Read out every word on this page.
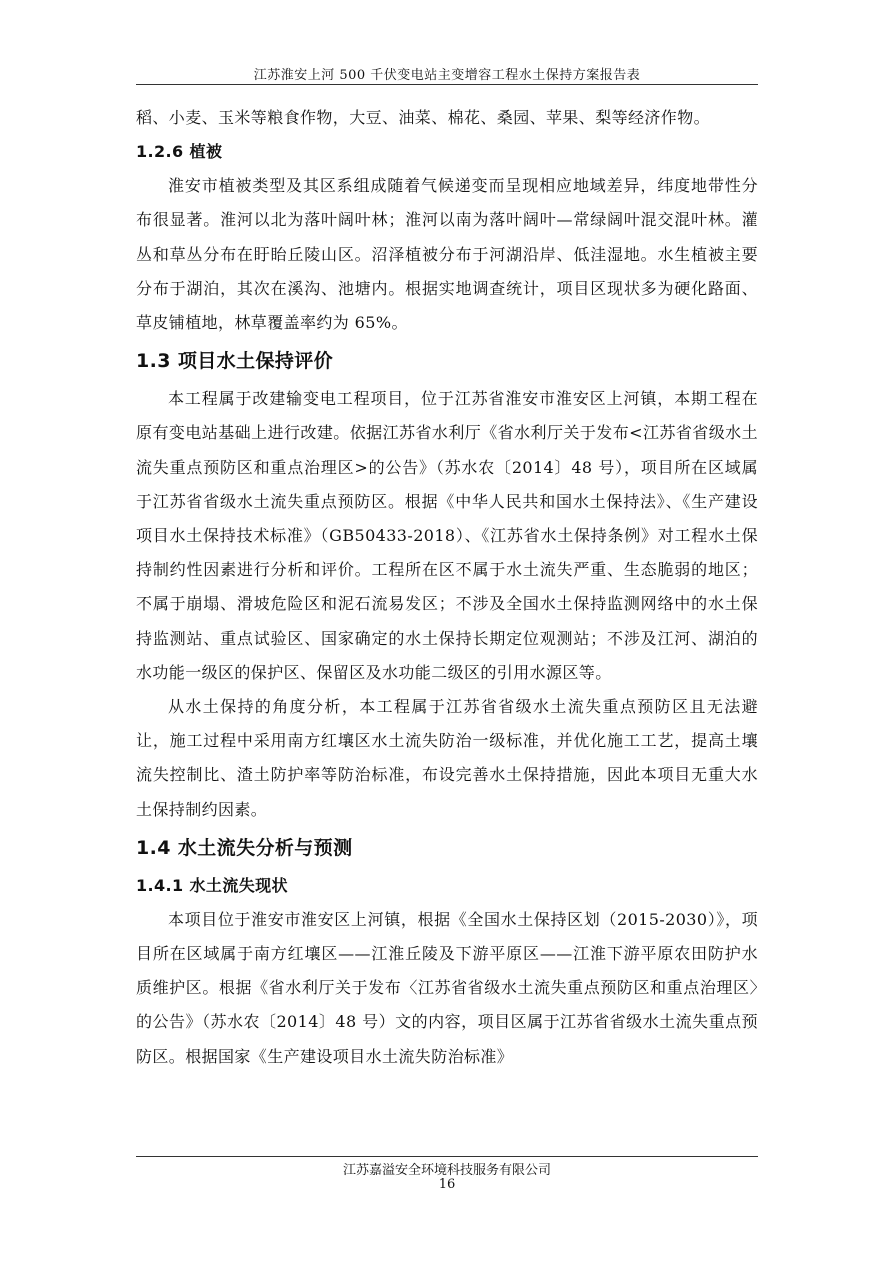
江苏淮安上河 500 千伏变电站主变增容工程水土保持方案报告表

稻、小麦、玉米等粮食作物，大豆、油菜、棉花、桑园、苹果、梨等经济作物。

1.2.6 植被

淮安市植被类型及其区系组成随着气候递变而呈现相应地域差异，纬度地带性分布很显著。淮河以北为落叶阔叶林；淮河以南为落叶阔叶—常绿阔叶混交混叶林。灌丛和草丛分布在盱眙丘陵山区。沼泽植被分布于河湖沿岸、低洼湿地。水生植被主要分布于湖泊，其次在溪沟、池塘内。根据实地调查统计，项目区现状多为硬化路面、草皮铺植地，林草覆盖率约为 65%。

1.3 项目水土保持评价

本工程属于改建输变电工程项目，位于江苏省淮安市淮安区上河镇，本期工程在原有变电站基础上进行改建。依据江苏省水利厅《省水利厅关于发布<江苏省省级水土流失重点预防区和重点治理区>的公告》（苏水农〔2014〕48 号），项目所在区域属于江苏省省级水土流失重点预防区。根据《中华人民共和国水土保持法》、《生产建设项目水土保持技术标准》（GB50433-2018）、《江苏省水土保持条例》对工程水土保持制约性因素进行分析和评价。工程所在区不属于水土流失严重、生态脆弱的地区；不属于崩塌、滑坡危险区和泥石流易发区；不涉及全国水土保持监测网络中的水土保持监测站、重点试验区、国家确定的水土保持长期定位观测站；不涉及江河、湖泊的水功能一级区的保护区、保留区及水功能二级区的引用水源区等。

从水土保持的角度分析，本工程属于江苏省省级水土流失重点预防区且无法避让，施工过程中采用南方红壤区水土流失防治一级标准，并优化施工工艺，提高土壤流失控制比、渣土防护率等防治标准，布设完善水土保持措施，因此本项目无重大水土保持制约因素。

1.4 水土流失分析与预测
1.4.1 水土流失现状

本项目位于淮安市淮安区上河镇，根据《全国水土保持区划（2015-2030）》，项目所在区域属于南方红壤区——江淮丘陵及下游平原区——江淮下游平原农田防护水质维护区。根据《省水利厅关于发布〈江苏省省级水土流失重点预防区和重点治理区〉的公告》（苏水农〔2014〕48 号）文的内容，项目区属于江苏省省级水土流失重点预防区。根据国家《生产建设项目水土流失防治标准》

江苏嘉溢安全环境科技服务有限公司
16
